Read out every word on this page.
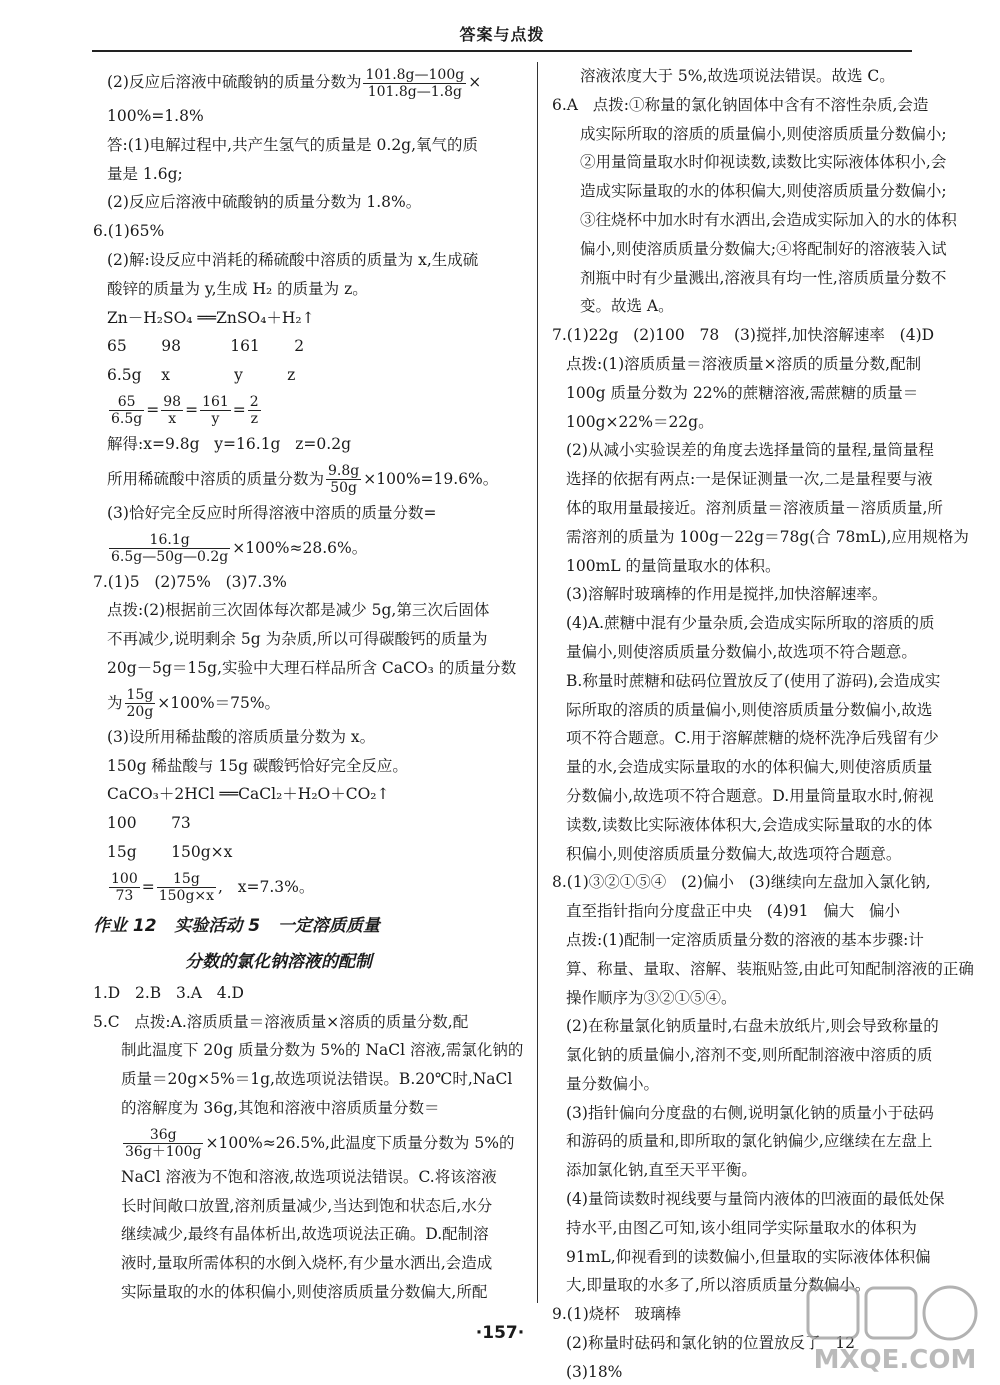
答案与点拨
(2)反应后溶液中硫酸钠的质量分数为 $\frac{101.8g—100g}{101.8g—1.8g}$ ×
100%=1.8%
答:(1)电解过程中,共产生氢气的质量是 0.2g,氧气的质
量是 1.6g;
(2)反应后溶液中硫酸钠的质量分数为 1.8%。
6.(1)65%
(2)解:设反应中消耗的稀硫酸中溶质的质量为 x,生成硫
酸锌的质量为 y,生成 H₂ 的质量为 z。
Zn－H₂SO₄ ══ZnSO₄＋H₂↑
65       98          161       2
6.5g    x             y         z
$\frac{65}{6.5g} = \frac{98}{x} = \frac{161}{y} = \frac{2}{z}$
解得:x=9.8g   y=16.1g   z=0.2g
所用稀硫酸中溶质的质量分数为 $\frac{9.8g}{50g} \times 100\%=19.6\%$。
(3)恰好完全反应时所得溶液中溶质的质量分数=
$\frac{16.1g}{6.5g—50g—0.2g} \times 100\%\approx 28.6\%$。
7.(1)5   (2)75%   (3)7.3%
点拨:(2)根据前三次固体每次都是减少 5g,第三次后固体
不再减少,说明剩余 5g 为杂质,所以可得碳酸钙的质量为
20g－5g＝15g,实验中大理石样品所含 CaCO₃ 的质量分数
为 $\frac{15g}{20g} \times 100\%=75\%$。
(3)设所用稀盐酸的溶质质量分数为 x。
150g 稀盐酸与 15g 碳酸钙恰好完全反应。
CaCO₃＋2HCl ══CaCl₂＋H₂O＋CO₂↑
100       73
15g       150g×x
$\frac{100}{73} = \frac{15g}{150g\times x}$ ,   x=7.3%。
作业 12   实验活动 5   一定溶质质量
分数的氯化钠溶液的配制
1.D   2.B   3.A   4.D
5.C   点拨:A.溶质质量＝溶液质量×溶质的质量分数,配
制此温度下 20g 质量分数为 5%的 NaCl 溶液,需氯化钠的
质量＝20g×5%＝1g,故选项说法错误。B.20℃时,NaCl
的溶解度为 36g,其饱和溶液中溶质质量分数＝
$\frac{36g}{36g+100g} \times 100\%\approx 26.5\%$,此温度下质量分数为 5%的
NaCl 溶液为不饱和溶液,故选项说法错误。C.将该溶液
长时间敞口放置,溶剂质量减少,当达到饱和状态后,水分
继续减少,最终有晶体析出,故选项说法正确。D.配制溶
液时,量取所需体积的水倒入烧杯,有少量水洒出,会造成
实际量取的水的体积偏小,则使溶质质量分数偏大,所配
溶液浓度大于 5%,故选项说法错误。故选 C。
6.A   点拨:①称量的氯化钠固体中含有不溶性杂质,会造
成实际所取的溶质的质量偏小,则使溶质质量分数偏小;
②用量筒量取水时仰视读数,读数比实际液体体积小,会
造成实际量取的水的体积偏大,则使溶质质量分数偏小;
③往烧杯中加水时有水洒出,会造成实际加入的水的体积
偏小,则使溶质质量分数偏大;④将配制好的溶液装入试
剂瓶中时有少量溅出,溶液具有均一性,溶质质量分数不
变。故选 A。
7.(1)22g   (2)100   78   (3)搅拌,加快溶解速率   (4)D
点拨:(1)溶质质量＝溶液质量×溶质的质量分数,配制
100g 质量分数为 22%的蔗糖溶液,需蔗糖的质量＝
100g×22%＝22g。
(2)从减小实验误差的角度去选择量筒的量程,量筒量程
选择的依据有两点:一是保证测量一次,二是量程要与液
体的取用量最接近。溶剂质量＝溶液质量－溶质质量,所
需溶剂的质量为 100g－22g＝78g(合 78mL),应用规格为
100mL 的量筒量取水的体积。
(3)溶解时玻璃棒的作用是搅拌,加快溶解速率。
(4)A.蔗糖中混有少量杂质,会造成实际所取的溶质的质
量偏小,则使溶质质量分数偏小,故选项不符合题意。
B.称量时蔗糖和砝码位置放反了(使用了游码),会造成实
际所取的溶质的质量偏小,则使溶质质量分数偏小,故选
项不符合题意。C.用于溶解蔗糖的烧杯洗净后残留有少
量的水,会造成实际量取的水的体积偏大,则使溶质质量
分数偏小,故选项不符合题意。D.用量筒量取水时,俯视
读数,读数比实际液体体积大,会造成实际量取的水的体
积偏小,则使溶质质量分数偏大,故选项符合题意。
8.(1)③②①⑤④   (2)偏小   (3)继续向左盘加入氯化钠,
直至指针指向分度盘正中央   (4)91   偏大   偏小
点拨:(1)配制一定溶质质量分数的溶液的基本步骤:计
算、称量、量取、溶解、装瓶贴签,由此可知配制溶液的正确
操作顺序为③②①⑤④。
(2)在称量氯化钠质量时,右盘未放纸片,则会导致称量的
氯化钠的质量偏小,溶剂不变,则所配制溶液中溶质的质
量分数偏小。
(3)指针偏向分度盘的右侧,说明氯化钠的质量小于砝码
和游码的质量和,即所取的氯化钠偏少,应继续在左盘上
添加氯化钠,直至天平平衡。
(4)量筒读数时视线要与量筒内液体的凹液面的最低处保
持水平,由图乙可知,该小组同学实际量取水的体积为
91mL,仰视看到的读数偏小,但量取的实际液体体积偏
大,即量取的水多了,所以溶质质量分数偏小。
9.(1)烧杯   玻璃棒
(2)称量时砝码和氯化钠的位置放反了   12
(3)18%
·157·
MXQE.COM
